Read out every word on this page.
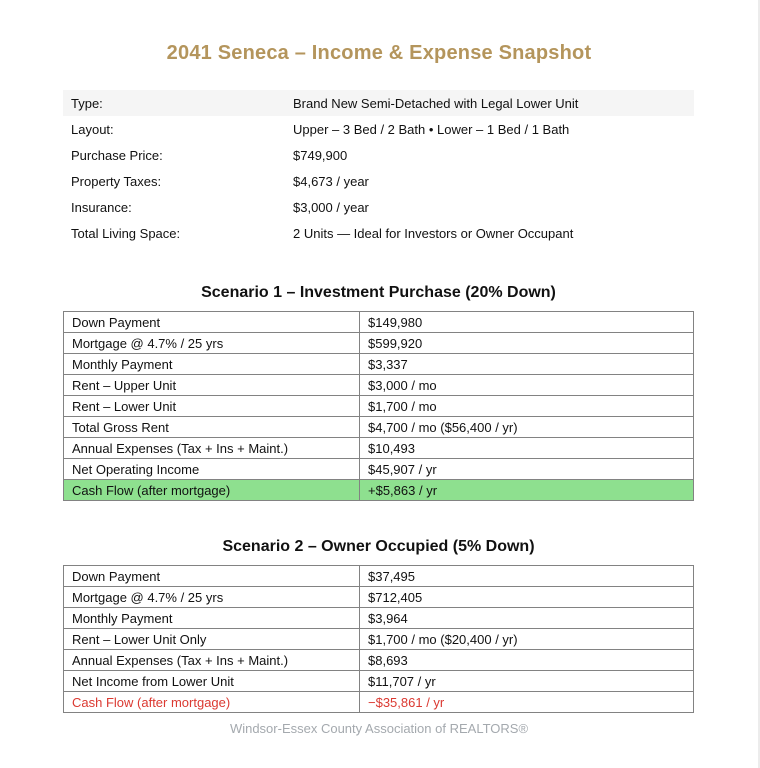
2041 Seneca – Income & Expense Snapshot
Type:	Brand New Semi-Detached with Legal Lower Unit
Layout:	Upper – 3 Bed / 2 Bath • Lower – 1 Bed / 1 Bath
Purchase Price:	$749,900
Property Taxes:	$4,673 / year
Insurance:	$3,000 / year
Total Living Space:	2 Units — Ideal for Investors or Owner Occupant
Scenario 1 – Investment Purchase (20% Down)
Down Payment	$149,980
Mortgage @ 4.7% / 25 yrs	$599,920
Monthly Payment	$3,337
Rent – Upper Unit	$3,000 / mo
Rent – Lower Unit	$1,700 / mo
Total Gross Rent	$4,700 / mo ($56,400 / yr)
Annual Expenses (Tax + Ins + Maint.)	$10,493
Net Operating Income	$45,907 / yr
Cash Flow (after mortgage)	+$5,863 / yr
Scenario 2 – Owner Occupied (5% Down)
Down Payment	$37,495
Mortgage @ 4.7% / 25 yrs	$712,405
Monthly Payment	$3,964
Rent – Lower Unit Only	$1,700 / mo ($20,400 / yr)
Annual Expenses (Tax + Ins + Maint.)	$8,693
Net Income from Lower Unit	$11,707 / yr
Cash Flow (after mortgage)	−$35,861 / yr
Windsor-Essex County Association of REALTORS®
